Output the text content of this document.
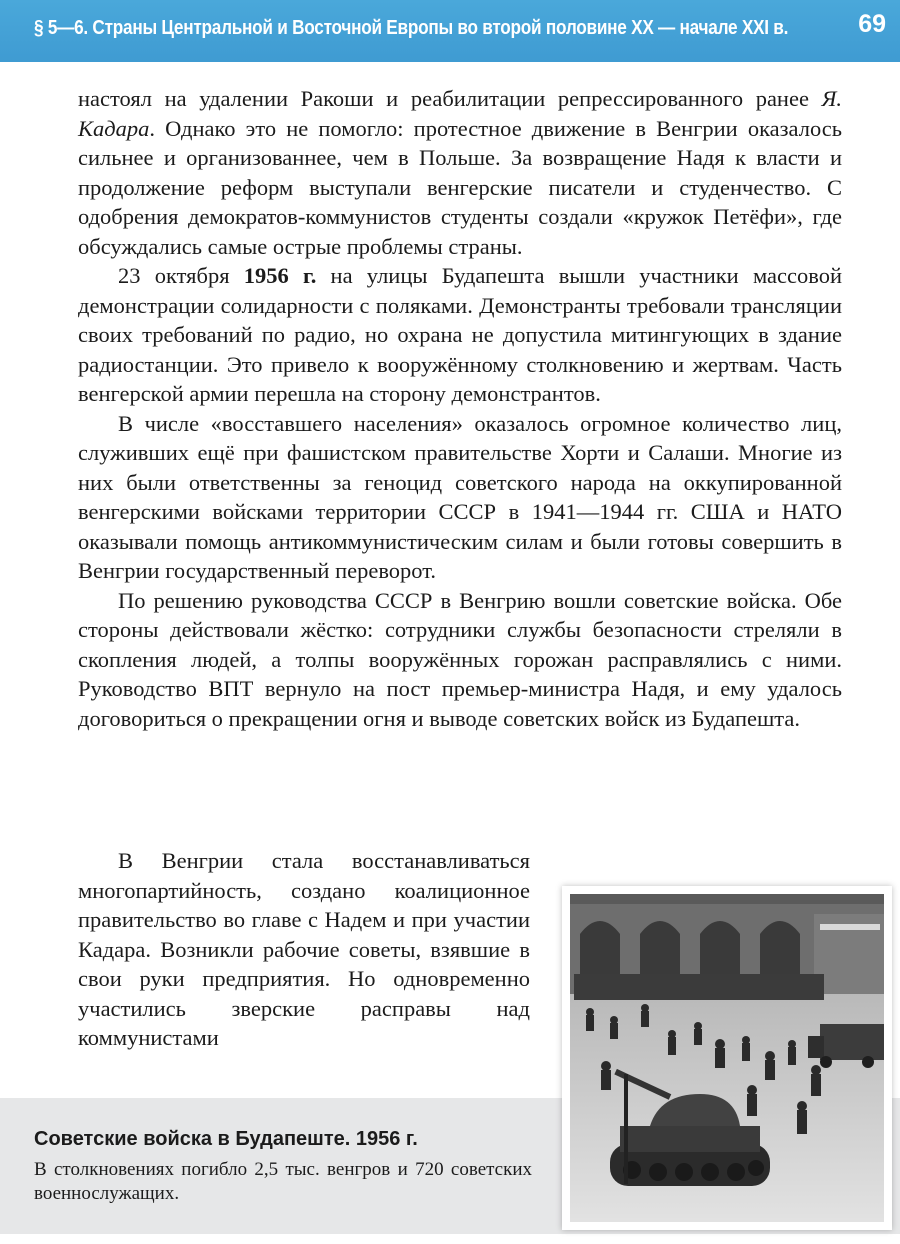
§ 5—6. Страны Центральной и Восточной Европы во второй половине XX — начале XXI в.	69

настоял на удалении Ракоши и реабилитации репрессированного ранее Я. Кадара. Однако это не помогло: протестное движение в Венгрии оказалось сильнее и организованнее, чем в Польше. За возвращение Надя к власти и продолжение реформ выступали венгерские писатели и студенчество. С одобрения демократов-коммунистов студенты создали «кружок Петёфи», где обсуждались самые острые проблемы страны.

23 октября 1956 г. на улицы Будапешта вышли участники массовой демонстрации солидарности с поляками. Демонстранты требовали трансляции своих требований по радио, но охрана не допустила митингующих в здание радиостанции. Это привело к вооружённому столкновению и жертвам. Часть венгерской армии перешла на сторону демонстрантов.

В числе «восставшего населения» оказалось огромное количество лиц, служивших ещё при фашистском правительстве Хорти и Салаши. Многие из них были ответственны за геноцид советского народа на оккупированной венгерскими войсками территории СССР в 1941—1944 гг. США и НАТО оказывали помощь антикоммунистическим силам и были готовы совершить в Венгрии государственный переворот.

По решению руководства СССР в Венгрию вошли советские войска. Обе стороны действовали жёстко: сотрудники службы безопасности стреляли в скопления людей, а толпы вооружённых горожан расправлялись с ними. Руководство ВПТ вернуло на пост премьер-министра Надя, и ему удалось договориться о прекращении огня и выводе советских войск из Будапешта.

В Венгрии стала восстанавливаться многопартийность, создано коалиционное правительство во главе с Надем и при участии Кадара. Возникли рабочие советы, взявшие в свои руки предприятия. Но одновременно участились зверские расправы над коммунистами

Советские войска в Будапеште. 1956 г.
В столкновениях погибло 2,5 тыс. венгров и 720 советских военнослужащих.
